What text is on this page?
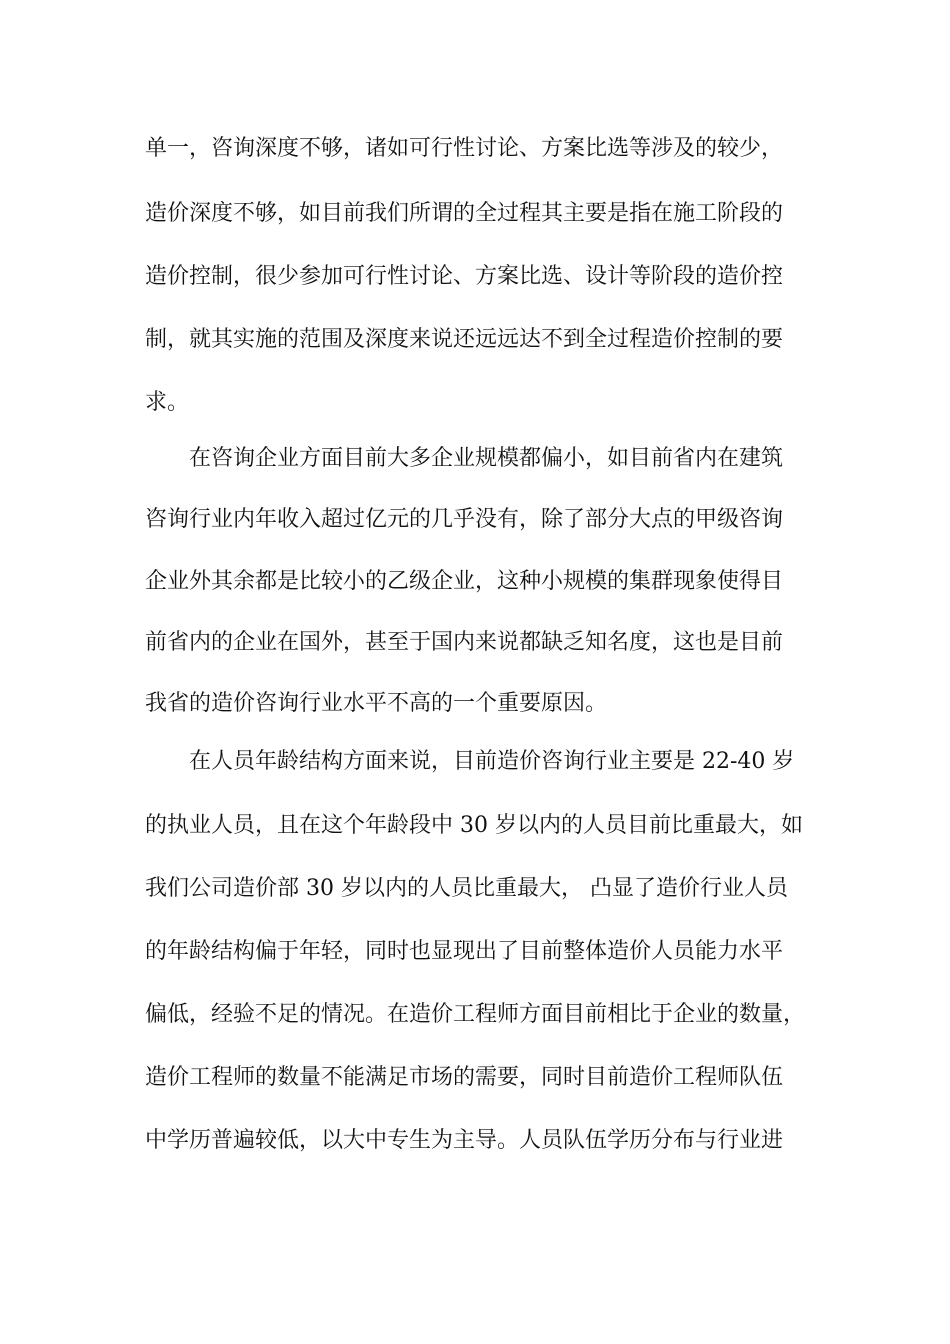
单一，咨询深度不够，诸如可行性讨论、方案比选等涉及的较少，
造价深度不够，如目前我们所谓的全过程其主要是指在施工阶段的
造价控制，很少参加可行性讨论、方案比选、设计等阶段的造价控
制，就其实施的范围及深度来说还远远达不到全过程造价控制的要
求。
在咨询企业方面目前大多企业规模都偏小，如目前省内在建筑
咨询行业内年收入超过亿元的几乎没有，除了部分大点的甲级咨询
企业外其余都是比较小的乙级企业，这种小规模的集群现象使得目
前省内的企业在国外，甚至于国内来说都缺乏知名度，这也是目前
我省的造价咨询行业水平不高的一个重要原因。
在人员年龄结构方面来说，目前造价咨询行业主要是 22-40 岁
的执业人员，且在这个年龄段中 30 岁以内的人员目前比重最大，如
我们公司造价部 30 岁以内的人员比重最大， 凸显了造价行业人员
的年龄结构偏于年轻，同时也显现出了目前整体造价人员能力水平
偏低，经验不足的情况。在造价工程师方面目前相比于企业的数量，
造价工程师的数量不能满足市场的需要，同时目前造价工程师队伍
中学历普遍较低，以大中专生为主导。人员队伍学历分布与行业进
